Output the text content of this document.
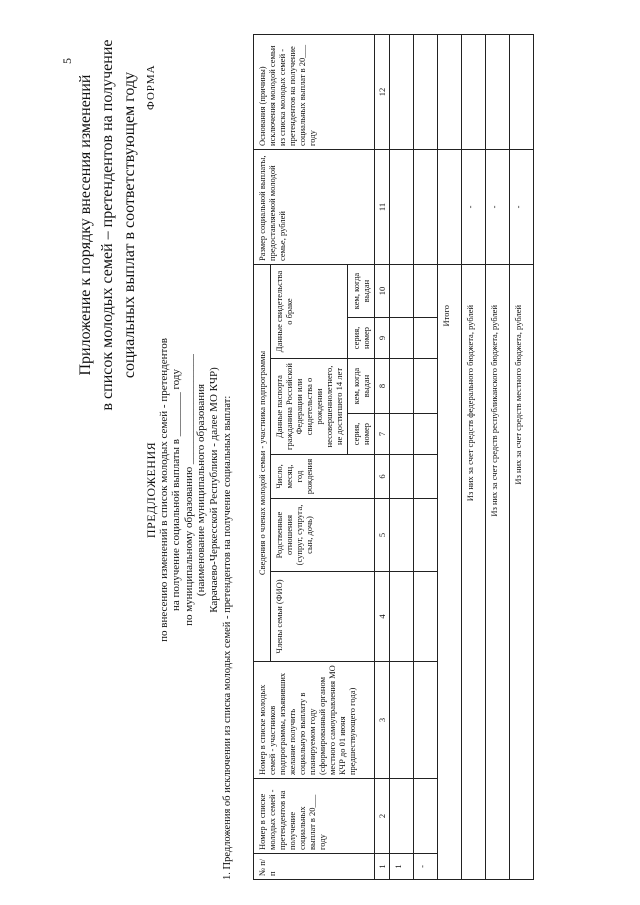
5
Приложение к порядку внесения изменений в список молодых семей – претендентов на получение социальных выплат в соответствующем году ФОРМА
ПРЕДЛОЖЕНИЯ по внесению изменений в список молодых семей - претендентов на получение социальной выплаты в ________ году по муниципальному образованию ____________________ (наименование муниципального образования Карачаево-Черкесской Республики - далее МО КЧР) 1. Предложения об исключении из списка молодых семей - претендентов на получение социальных выплат:	№ п/п	Номер в списке молодых семей - претендентов на получение социальных выплат в 20___ году	Номер в списке молодых семей - участников подпрограммы, изъявивших желание получить социальную выплату в планируемом году (сформированный органом местного самоуправления МО КЧР до 01 июня предшествующего года)	Сведения о членах молодой семьи - участника подпрограммы							Размер социальной выплаты, предоставляемой молодой семье, рублей	Основания (причины) исключения молодой семьи из списка молодых семей - претендентов на получение социальных выплат в 20___ году
			Члены семьи (ФИО)	Родственные отношения (супруг, супруга, сын, дочь)	Число, месяц, год рождения	Данные паспорта гражданина Российской Федерации или свидетельства о рождении несовершеннолетнего, не достигшего 14 лет		Данные свидетельства о браке			
						серия, номер	кем, когда выдан	серия, номер	кем, когда выдан		
1	2	3	4	5	6	7	8	9	10	11	12
1											
-											
Итого											
Из них за счет средств федерального бюджета, рублей										-	
Из них за счет средств республиканского бюджета, рублей										-	
Из них за счет средств местного бюджета, рублей										-	
